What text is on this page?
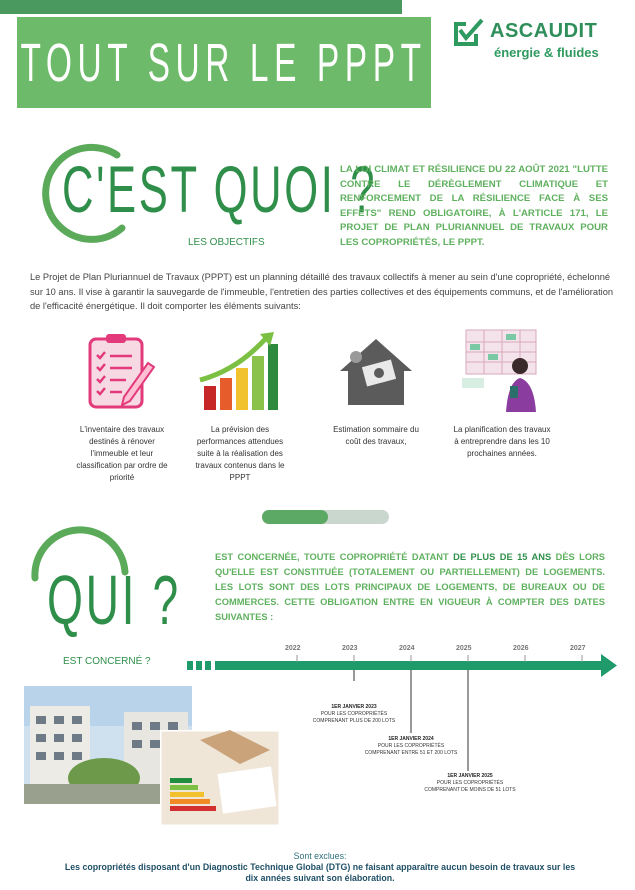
TOUT SUR LE PPPT
ASCAUDIT
énergie & fluides
C'EST QUOI ?
LES OBJECTIFS
LA LOI CLIMAT ET RÉSILIENCE DU 22 AOÛT 2021 "LUTTE CONTRE LE DÉRÈGLEMENT CLIMATIQUE ET RENFORCEMENT DE LA RÉSILIENCE FACE À SES EFFETS" REND OBLIGATOIRE, À L'ARTICLE 171, LE PROJET DE PLAN PLURIANNUEL DE TRAVAUX POUR LES COPROPRIÉTÉS, LE PPPT.
Le Projet de Plan Pluriannuel de Travaux (PPPT) est un planning détaillé des travaux collectifs à mener au sein d'une copropriété, échelonné sur 10 ans. Il vise à garantir la sauvegarde de l'immeuble, l'entretien des parties collectives et des équipements communs, et de l'amélioration de l'efficacité énergétique. Il doit comporter les éléments suivants:
L'inventaire des travaux destinés à rénover l'immeuble et leur classification par ordre de priorité
La prévision des performances attendues suite à la réalisation des travaux contenus dans le PPPT
Estimation sommaire du coût des travaux,
La planification des travaux à entreprendre dans les 10 prochaines années.
QUI ?
EST CONCERNÉ ?
EST CONCERNÉE, TOUTE COPROPRIÉTÉ DATANT DE PLUS DE 15 ANS DÈS LORS QU'ELLE EST CONSTITUÉE (TOTALEMENT OU PARTIELLEMENT) DE LOGEMENTS. LES LOTS SONT DES LOTS PRINCIPAUX DE LOGEMENTS, DE BUREAUX OU DE COMMERCES. CETTE OBLIGATION ENTRE EN VIGUEUR À COMPTER DES DATES SUIVANTES :
2022	2023	2024	2025	2026	2027
1ER JANVIER 2023
POUR LES COPROPRIÉTÉS
COMPRENANT PLUS DE 200 LOTS
1ER JANVIER 2024
POUR LES COPROPRIÉTÉS
COMPRENANT ENTRE 51 ET 200 LOTS
1ER JANVIER 2025
POUR LES COPROPRIÉTÉS
COMPRENANT DE MOINS DE 51 LOTS
Sont exclues:
Les copropriétés disposant d'un Diagnostic Technique Global (DTG) ne faisant apparaître aucun besoin de travaux sur les dix années suivant son élaboration.
